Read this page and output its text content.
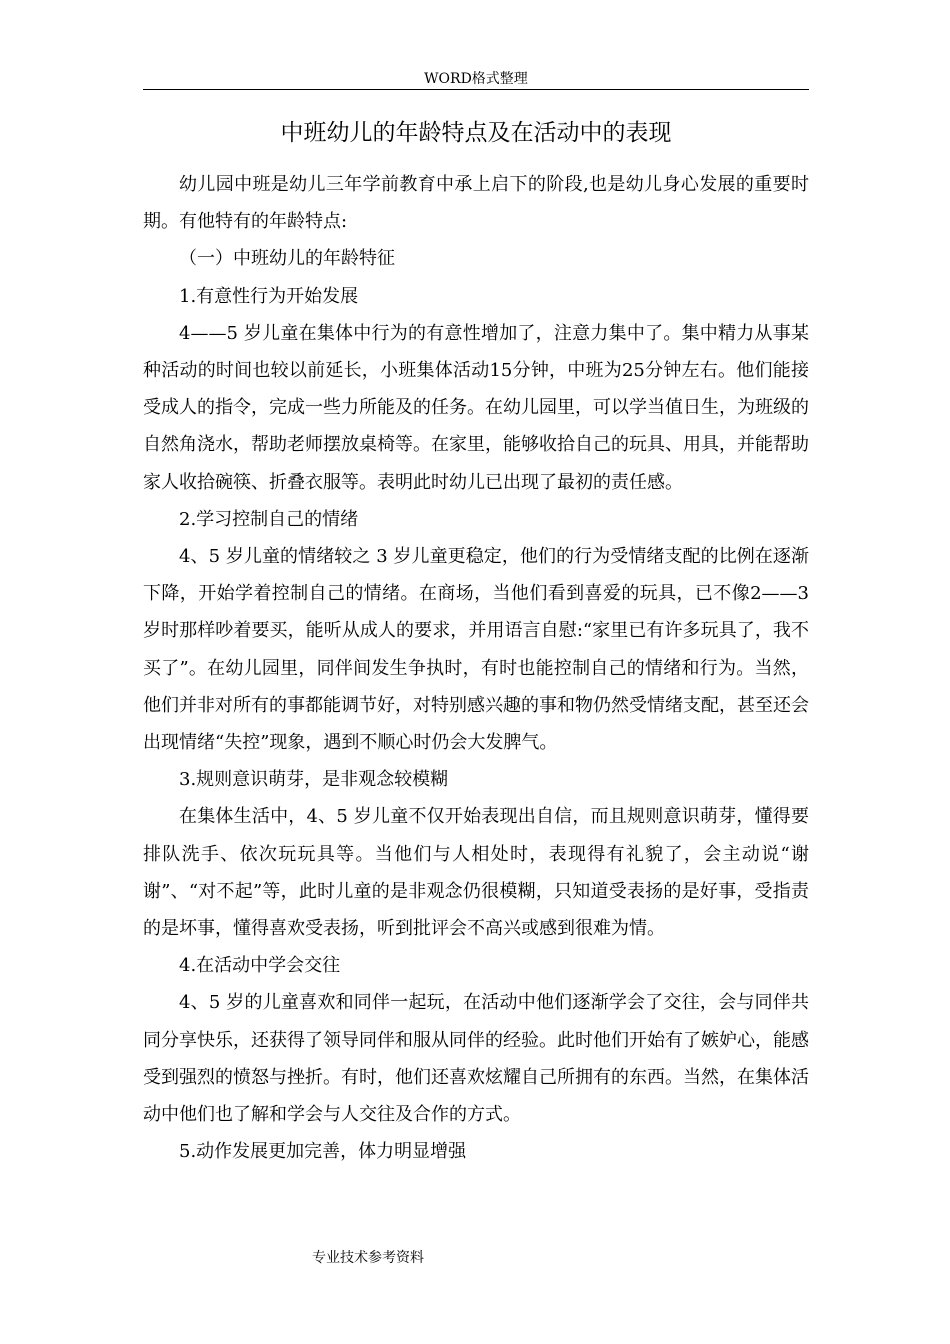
WORD格式整理
中班幼儿的年龄特点及在活动中的表现

幼儿园中班是幼儿三年学前教育中承上启下的阶段,也是幼儿身心发展的重要时期。有他特有的年龄特点:

（一）中班幼儿的年龄特征

1.有意性行为开始发展

4——5 岁儿童在集体中行为的有意性增加了，注意力集中了。集中精力从事某种活动的时间也较以前延长，小班集体活动15分钟，中班为25分钟左右。他们能接受成人的指令，完成一些力所能及的任务。在幼儿园里，可以学当值日生，为班级的自然角浇水，帮助老师摆放桌椅等。在家里，能够收拾自己的玩具、用具，并能帮助家人收拾碗筷、折叠衣服等。表明此时幼儿已出现了最初的责任感。

2.学习控制自己的情绪

4、5 岁儿童的情绪较之 3 岁儿童更稳定，他们的行为受情绪支配的比例在逐渐下降，开始学着控制自己的情绪。在商场，当他们看到喜爱的玩具，已不像2——3岁时那样吵着要买，能听从成人的要求，并用语言自慰:“家里已有许多玩具了，我不买了”。在幼儿园里，同伴间发生争执时，有时也能控制自己的情绪和行为。当然，他们并非对所有的事都能调节好，对特别感兴趣的事和物仍然受情绪支配，甚至还会出现情绪“失控”现象，遇到不顺心时仍会大发脾气。

3.规则意识萌芽，是非观念较模糊

在集体生活中，4、5 岁儿童不仅开始表现出自信，而且规则意识萌芽，懂得要排队洗手、依次玩玩具等。当他们与人相处时，表现得有礼貌了，会主动说“谢谢”、“对不起”等，此时儿童的是非观念仍很模糊，只知道受表扬的是好事，受指责的是坏事，懂得喜欢受表扬，听到批评会不高兴或感到很难为情。

4.在活动中学会交往

4、5 岁的儿童喜欢和同伴一起玩，在活动中他们逐渐学会了交往，会与同伴共同分享快乐，还获得了领导同伴和服从同伴的经验。此时他们开始有了嫉妒心，能感受到强烈的愤怒与挫折。有时，他们还喜欢炫耀自己所拥有的东西。当然，在集体活动中他们也了解和学会与人交往及合作的方式。

5.动作发展更加完善，体力明显增强

专业技术参考资料
